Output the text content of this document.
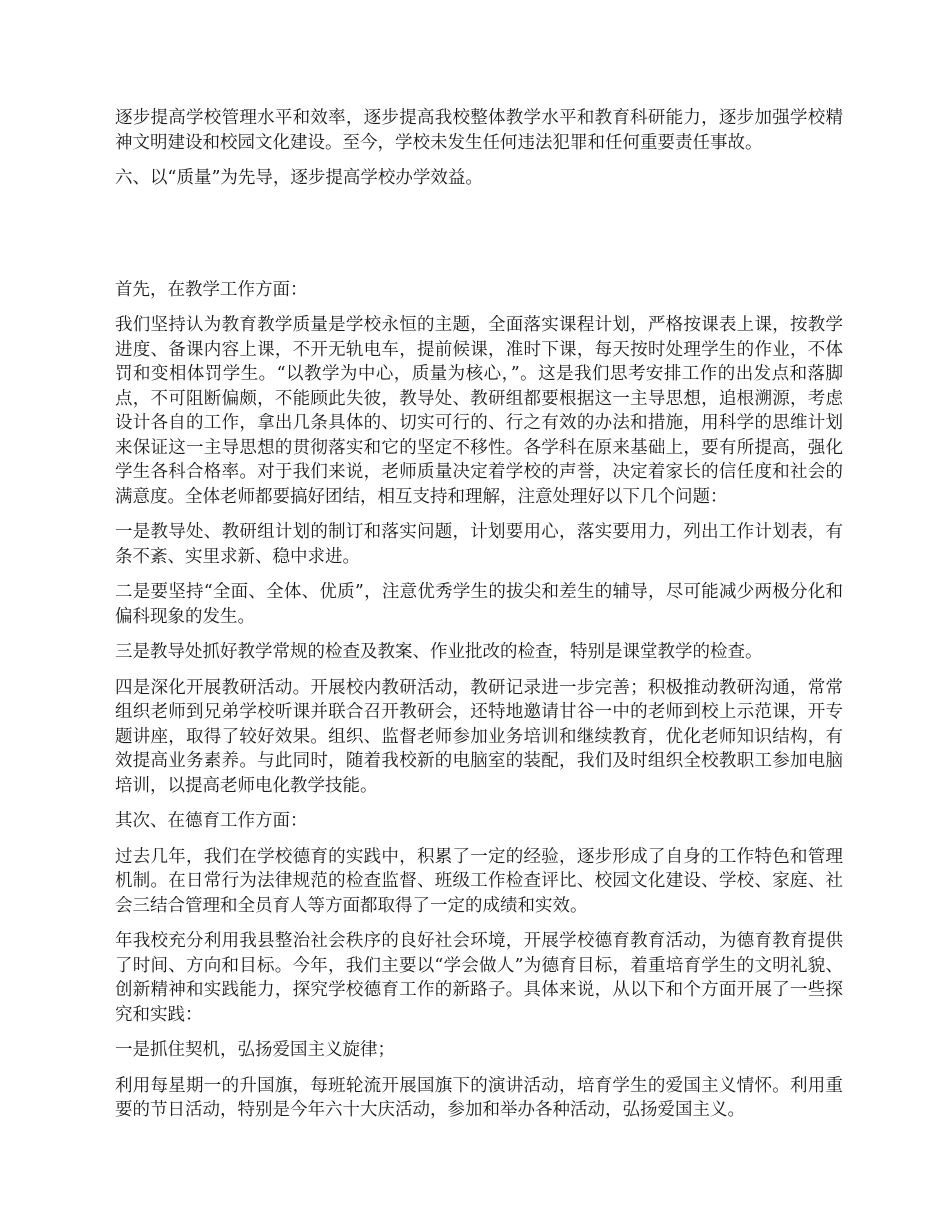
逐步提高学校管理水平和效率，逐步提高我校整体教学水平和教育科研能力，逐步加强学校精神文明建设和校园文化建设。至今，学校未发生任何违法犯罪和任何重要责任事故。

六、以“质量”为先导，逐步提高学校办学效益。

首先，在教学工作方面：

我们坚持认为教育教学质量是学校永恒的主题，全面落实课程计划，严格按课表上课，按教学进度、备课内容上课，不开无轨电车，提前候课，准时下课，每天按时处理学生的作业，不体罚和变相体罚学生。“以教学为中心，质量为核心，”。这是我们思考安排工作的出发点和落脚点，不可阻断偏颇，不能顾此失彼，教导处、教研组都要根据这一主导思想，追根溯源，考虑设计各自的工作，拿出几条具体的、切实可行的、行之有效的办法和措施，用科学的思维计划来保证这一主导思想的贯彻落实和它的坚定不移性。各学科在原来基础上，要有所提高，强化学生各科合格率。对于我们来说，老师质量决定着学校的声誉，决定着家长的信任度和社会的满意度。全体老师都要搞好团结，相互支持和理解，注意处理好以下几个问题：

一是教导处、教研组计划的制订和落实问题，计划要用心，落实要用力，列出工作计划表，有条不紊、实里求新、稳中求进。

二是要坚持“全面、全体、优质”，注意优秀学生的拔尖和差生的辅导，尽可能减少两极分化和偏科现象的发生。

三是教导处抓好教学常规的检查及教案、作业批改的检查，特别是课堂教学的检查。

四是深化开展教研活动。开展校内教研活动，教研记录进一步完善；积极推动教研沟通，常常组织老师到兄弟学校听课并联合召开教研会，还特地邀请甘谷一中的老师到校上示范课，开专题讲座，取得了较好效果。组织、监督老师参加业务培训和继续教育，优化老师知识结构，有效提高业务素养。与此同时，随着我校新的电脑室的装配，我们及时组织全校教职工参加电脑培训，以提高老师电化教学技能。

其次、在德育工作方面：

过去几年，我们在学校德育的实践中，积累了一定的经验，逐步形成了自身的工作特色和管理机制。在日常行为法律规范的检查监督、班级工作检查评比、校园文化建设、学校、家庭、社会三结合管理和全员育人等方面都取得了一定的成绩和实效。

年我校充分利用我县整治社会秩序的良好社会环境，开展学校德育教育活动，为德育教育提供了时间、方向和目标。今年，我们主要以“学会做人”为德育目标，着重培育学生的文明礼貌、创新精神和实践能力，探究学校德育工作的新路子。具体来说，从以下和个方面开展了一些探究和实践：

一是抓住契机，弘扬爱国主义旋律；

利用每星期一的升国旗，每班轮流开展国旗下的演讲活动，培育学生的爱国主义情怀。利用重要的节日活动，特别是今年六十大庆活动，参加和举办各种活动，弘扬爱国主义。
